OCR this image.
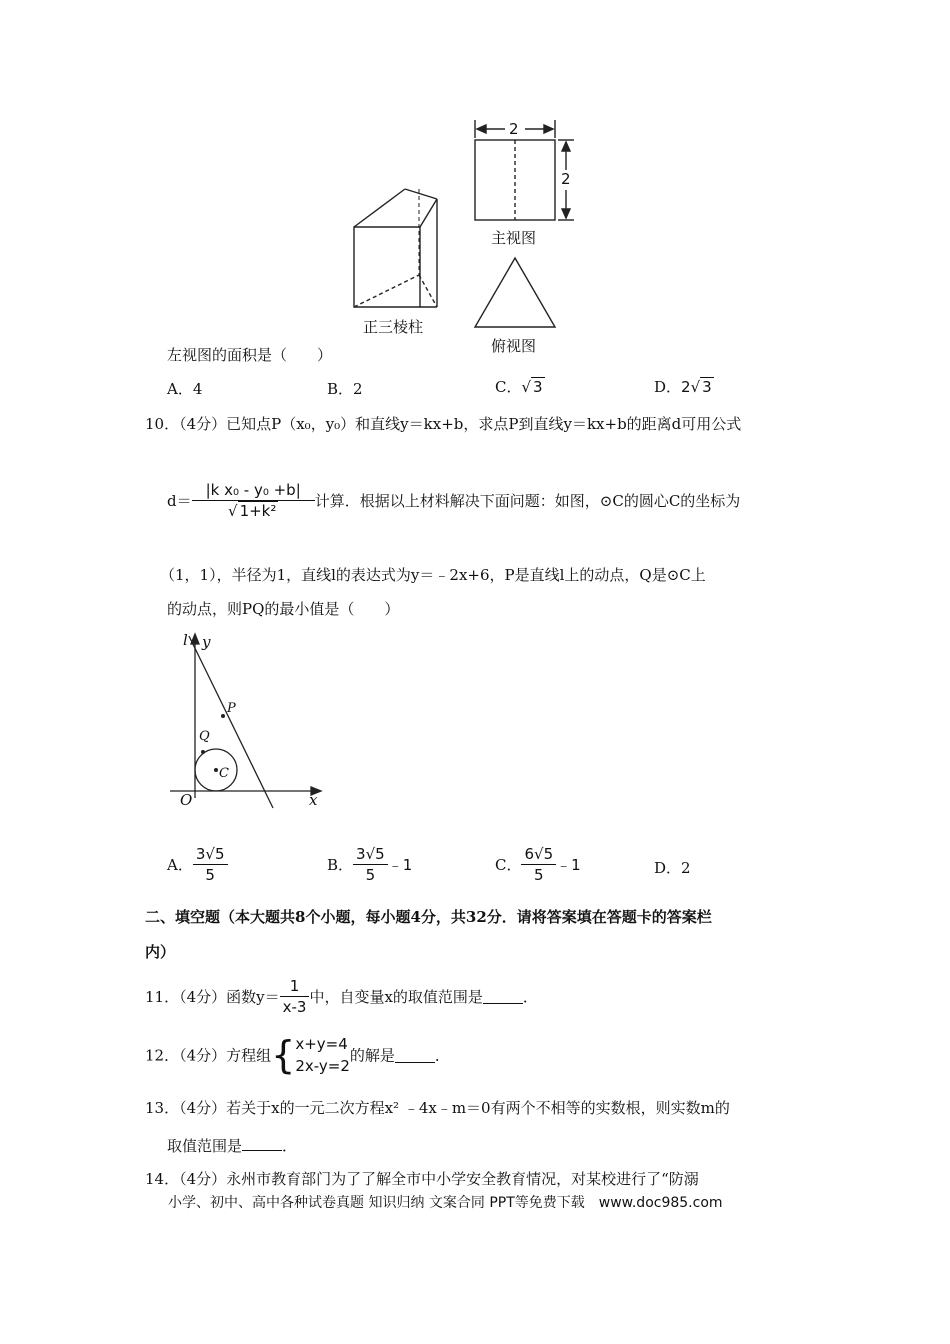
2
2
正三棱柱
主视图
俯视图
左视图的面积是（　　）
A．4	B．2	C．√ 3	D．2√ 3
10．（4分）已知点P（x₀，y₀）和直线y＝kx+b，求点P到直线y＝kx+b的距离d可用公式
$d= \frac{\text{|k x₀ - y₀ +b|}}{\text{√ 1+k²}}$ 计算．根据以上材料解决下面问题：如图，⊙C的圆心C的坐标为
（1，1），半径为1，直线l的表达式为y＝﹣2x+6，P是直线l上的动点，Q是⊙C上
的动点，则PQ的最小值是（　　）
l y
P
Q
C
O	x
A． $\frac{3√5}{5}$	B． $\frac{3√5}{5}$ ﹣1	C． $\frac{6√5}{5}$ ﹣1	D．2
二、填空题（本大题共8个小题，每小题4分，共32分．请将答案填在答题卡的答案栏
内）
11．（4分）函数$y= \frac{1}{x-3}$ 中，自变量x的取值范围是	．
12．（4分）方程组{ x+y=4
2x-y=2
的解是	．
13．（4分）若关于x的一元二次方程x² ﹣4x﹣m＝0有两个不相等的实数根，则实数m的
取值范围是	．
14．（4分）永州市教育部门为了了解全市中小学安全教育情况，对某校进行了“防溺
小学、初中、高中各种试卷真题 知识归纳 文案合同 PPT等免费下载　www.doc985.com
